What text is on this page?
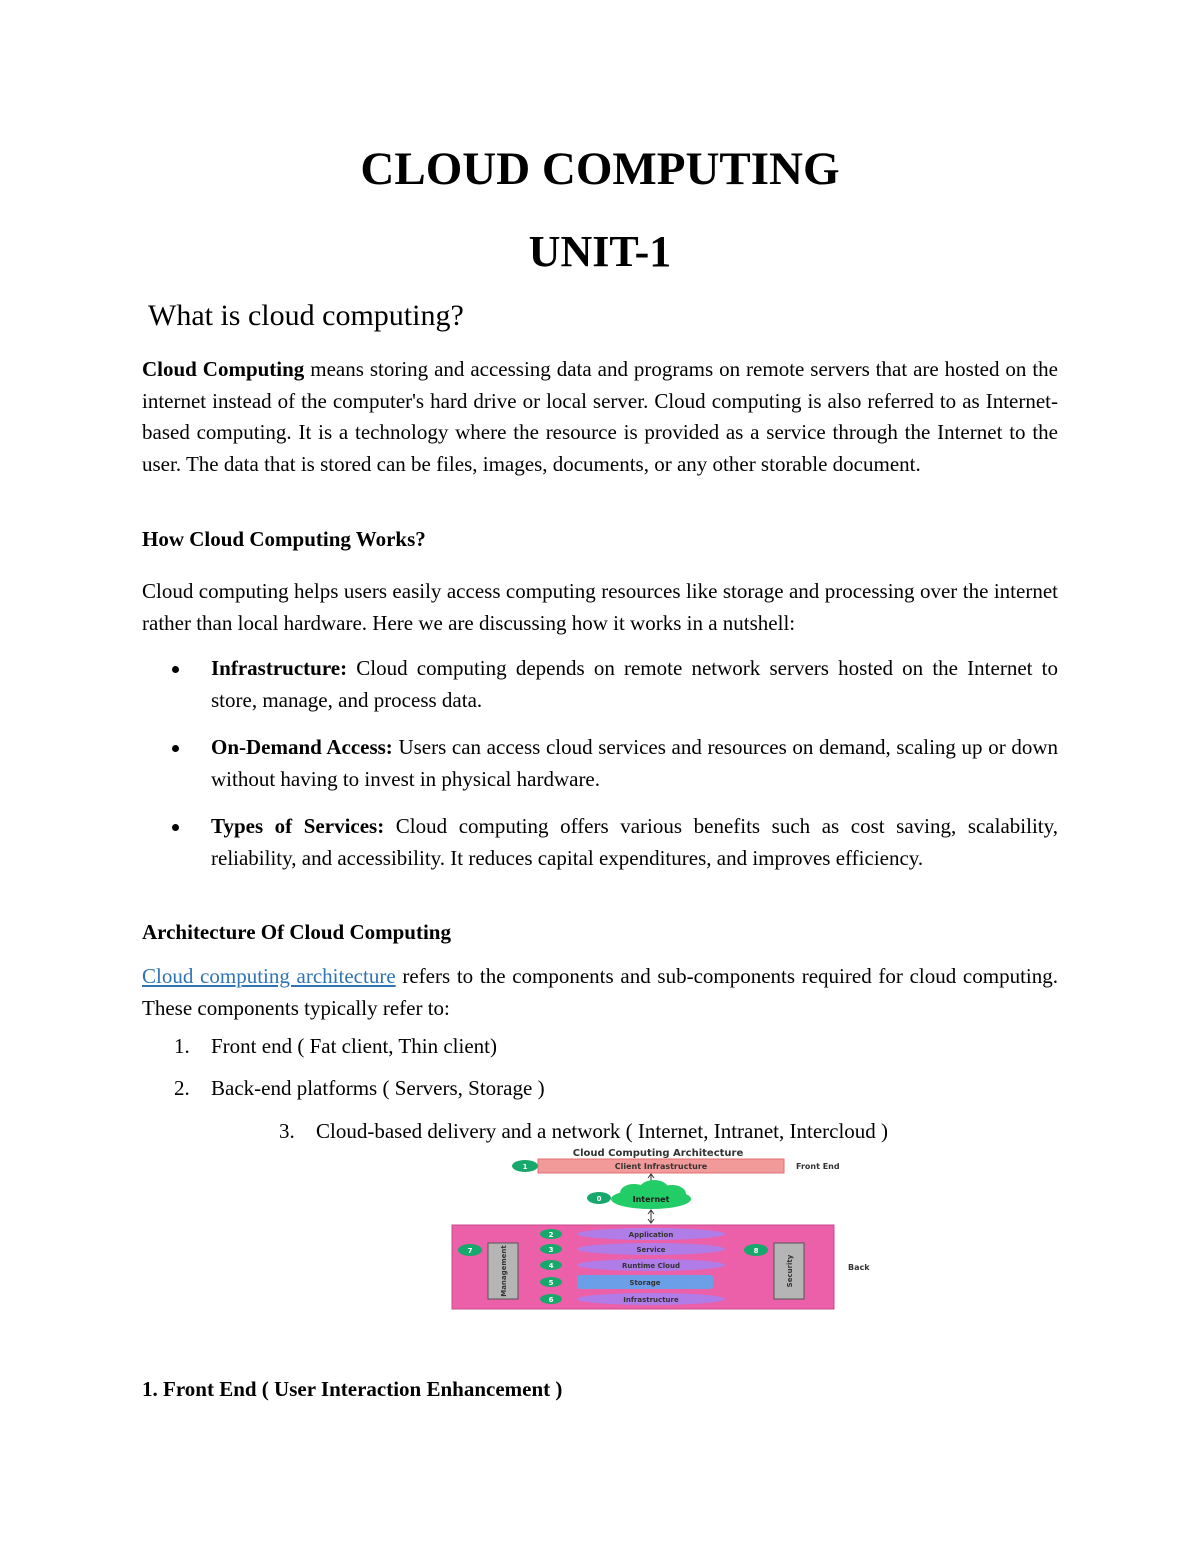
CLOUD COMPUTING
UNIT-1
What is cloud computing?
Cloud Computing means storing and accessing data and programs on remote servers that are hosted on the internet instead of the computer's hard drive or local server. Cloud computing is also referred to as Internet-based computing. It is a technology where the resource is provided as a service through the Internet to the user. The data that is stored can be files, images, documents, or any other storable document.
How Cloud Computing Works?
Cloud computing helps users easily access computing resources like storage and processing over the internet rather than local hardware. Here we are discussing how it works in a nutshell:
Infrastructure: Cloud computing depends on remote network servers hosted on the Internet to store, manage, and process data.
On-Demand Access: Users can access cloud services and resources on demand, scaling up or down without having to invest in physical hardware.
Types of Services: Cloud computing offers various benefits such as cost saving, scalability, reliability, and accessibility. It reduces capital expenditures, and improves efficiency.
Architecture Of Cloud Computing
Cloud computing architecture refers to the components and sub-components required for cloud computing. These components typically refer to:
1. Front end ( Fat client, Thin client)
2. Back-end platforms ( Servers, Storage )
3. Cloud-based delivery and a network ( Internet, Intranet, Intercloud )
Cloud Computing Architecture
1	Client Infrastructure	Front End
0	Internet
Back
7	Management	8
Security
2	Application
3	Service
4	Runtime Cloud
5	Storage
6	Infrastructure
1. Front End ( User Interaction Enhancement )
